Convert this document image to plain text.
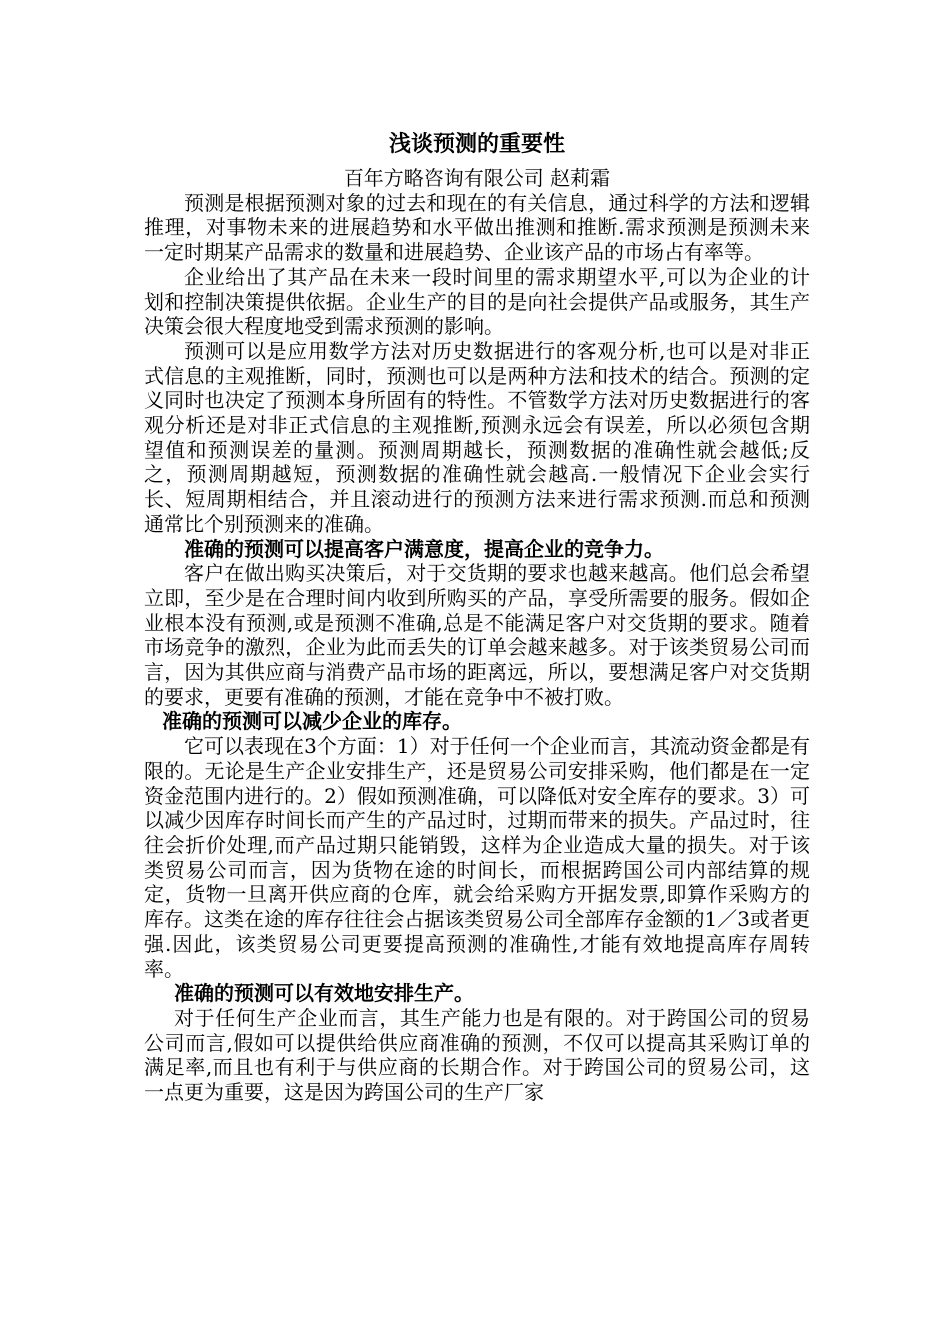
浅谈预测的重要性
百年方略咨询有限公司 赵莉霜

预测是根据预测对象的过去和现在的有关信息，通过科学的方法和逻辑推理，对事物未来的进展趋势和水平做出推测和推断.需求预测是预测未来一定时期某产品需求的数量和进展趋势、企业该产品的市场占有率等。

企业给出了其产品在未来一段时间里的需求期望水平,可以为企业的计划和控制决策提供依据。企业生产的目的是向社会提供产品或服务，其生产决策会很大程度地受到需求预测的影响。

预测可以是应用数学方法对历史数据进行的客观分析,也可以是对非正式信息的主观推断，同时，预测也可以是两种方法和技术的结合。预测的定义同时也决定了预测本身所固有的特性。不管数学方法对历史数据进行的客观分析还是对非正式信息的主观推断,预测永远会有误差，所以必须包含期望值和预测误差的量测。预测周期越长，预测数据的准确性就会越低;反之，预测周期越短，预测数据的准确性就会越高.一般情况下企业会实行长、短周期相结合，并且滚动进行的预测方法来进行需求预测.而总和预测通常比个别预测来的准确。

准确的预测可以提高客户满意度，提高企业的竞争力。

客户在做出购买决策后，对于交货期的要求也越来越高。他们总会希望立即，至少是在合理时间内收到所购买的产品，享受所需要的服务。假如企业根本没有预测,或是预测不准确,总是不能满足客户对交货期的要求。随着市场竞争的激烈，企业为此而丢失的订单会越来越多。对于该类贸易公司而言，因为其供应商与消费产品市场的距离远，所以，要想满足客户对交货期的要求，更要有准确的预测，才能在竞争中不被打败。

准确的预测可以减少企业的库存。

它可以表现在3个方面：1）对于任何一个企业而言，其流动资金都是有限的。无论是生产企业安排生产，还是贸易公司安排采购，他们都是在一定资金范围内进行的。2）假如预测准确，可以降低对安全库存的要求。3）可以减少因库存时间长而产生的产品过时，过期而带来的损失。产品过时，往往会折价处理,而产品过期只能销毁，这样为企业造成大量的损失。对于该类贸易公司而言，因为货物在途的时间长，而根据跨国公司内部结算的规定，货物一旦离开供应商的仓库，就会给采购方开据发票,即算作采购方的库存。这类在途的库存往往会占据该类贸易公司全部库存金额的1／3或者更强.因此，该类贸易公司更要提高预测的准确性,才能有效地提高库存周转率。

准确的预测可以有效地安排生产。

对于任何生产企业而言，其生产能力也是有限的。对于跨国公司的贸易公司而言,假如可以提供给供应商准确的预测，不仅可以提高其采购订单的满足率,而且也有利于与供应商的长期合作。对于跨国公司的贸易公司，这一点更为重要，这是因为跨国公司的生产厂家
